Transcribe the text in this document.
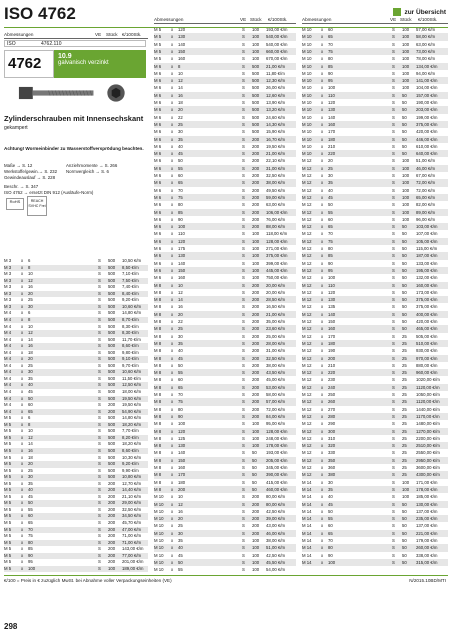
ISO 4762	zur Übersicht
Abmessungen	VE Stück €/100Stk.
ISO	4762.110
4762	10.9
galvanisch verzinkt
Zylinderschrauben mit Innensechskant
gekampert
Achtung! Wormeinbinder zu Wasserstoffversprödung beachten.
Maße → S. 12	Anziehmomente → S. 266
Werkstoffe/gewin.→ S. 232 Normvergleich → S. 6
Gewindeauslauf → S. 228
Beschr. → S. 347
ISO 4762 → ersetzt DIN 912 (Ausläufe-Norm)
RoHS	REACH SVHC Frei
M 3 x 6	S 500 10,50 €/m
M 3 x 8	S 500 8,50 €/m
M 3 x 10	S 500 7,10 €/m
M 3 x 12	S 500 7,50 €/m
M 3 x 16	S 500 7,40 €/m
M 3 x 20	S 500 8,40 €/m
M 3 x 25	S 500 9,20 €/m
M 3 x 30	S 500 10,60 €/m
M 4 x 6	S 500 14,80 €/m
M 4 x 8	S 500 8,70 €/m
M 4 x 10	S 500 8,30 €/m
M 4 x 12	S 500 8,30 €/m
M 4 x 14	S 500 11,70 €/m
M 4 x 16	S 500 8,60 €/m
M 4 x 18	S 500 9,80 €/m
M 4 x 20	S 500 9,10 €/m
M 4 x 25	S 500 9,70 €/m
M 4 x 30	S 500 10,60 €/m
M 4 x 35	S 500 11,50 €/m
M 4 x 40	S 500 12,50 €/m
M 4 x 45	S 500 18,00 €/m
M 4 x 50	S 500 19,50 €/m
M 4 x 60	S 200 19,50 €/m
M 4 x 65	S 200 54,90 €/m
M 5 x 6	S 500 14,80 €/m
M 5 x 8	S 500 18,20 €/m
M 5 x 10	S 500 7,70 €/m
M 5 x 12	S 500 8,20 €/m
M 5 x 14	S 500 18,20 €/m
M 5 x 16	S 500 8,60 €/m
M 5 x 18	S 500 10,30 €/m
M 5 x 20	S 500 9,20 €/m
M 5 x 25	S 500 9,90 €/m
M 5 x 30	S 500 10,80 €/m
M 5 x 35	S 200 12,70 €/m
M 5 x 40	S 200 14,40 €/m
M 5 x 45	S 200 21,10 €/m
M 5 x 50	S 200 29,00 €/m
M 5 x 55	S 200 32,50 €/m
M 5 x 60	S 200 34,50 €/m
M 5 x 65	S 200 45,70 €/m
M 5 x 70	S 200 47,00 €/m
M 5 x 75	S 200 71,00 €/m
M 5 x 80	S 200 71,00 €/m
M 5 x 85	S 200 143,00 €/m
M 5 x 90	S 200 77,00 €/m
M 5 x 95	S 200 201,00 €/m
M 5 x 100	S 100 189,00 €/m
Abmessungen	VE Stück €/100Stk.
M 5 x 120	S 100 193,00 €/m
M 5 x 130	S 100 540,00 €/m
M 5 x 140	S 100 540,00 €/m
M 5 x 150	S 100 660,00 €/m
M 5 x 160	S 100 670,00 €/m
M 6 x 8	S 500 21,00 €/m
M 6 x 10	S 500 11,80 €/m
M 6 x 12	S 500 12,30 €/m
M 6 x 14	S 500 26,00 €/m
M 6 x 16	S 500 12,60 €/m
M 6 x 18	S 500 13,90 €/m
M 6 x 20	S 500 13,20 €/m
M 6 x 22	S 500 24,60 €/m
M 6 x 25	S 500 14,30 €/m
M 6 x 30	S 500 15,90 €/m
M 6 x 35	S 200 16,70 €/m
M 6 x 40	S 200 19,50 €/m
M 6 x 45	S 200 21,00 €/m
M 6 x 50	S 200 22,10 €/m
M 6 x 55	S 200 31,00 €/m
M 6 x 60	S 200 32,50 €/m
M 6 x 65	S 200 38,00 €/m
M 6 x 70	S 200 49,50 €/m
M 6 x 75	S 200 59,00 €/m
M 6 x 80	S 200 63,00 €/m
M 6 x 85	S 200 106,00 €/m
M 6 x 90	S 200 76,00 €/m
M 6 x 100	S 200 88,00 €/m
M 6 x 110	S 100 118,00 €/m
M 6 x 120	S 100 128,00 €/m
M 6 x 175	S 100 271,00 €/m
M 6 x 130	S 100 375,00 €/m
M 6 x 140	S 100 399,00 €/m
M 6 x 150	S 100 445,00 €/m
M 6 x 160	S 100 750,00 €/m
M 8 x 10	S 200 20,00 €/m
M 8 x 12	S 200 20,00 €/m
M 8 x 14	S 200 28,50 €/m
M 8 x 16	S 200 16,50 €/m
M 8 x 20	S 200 21,00 €/m
M 8 x 22	S 200 35,00 €/m
M 8 x 25	S 200 23,60 €/m
M 8 x 30	S 200 25,00 €/m
M 8 x 35	S 200 28,00 €/m
M 8 x 40	S 200 31,00 €/m
M 8 x 45	S 200 32,50 €/m
M 8 x 50	S 200 38,00 €/m
M 8 x 55	S 200 43,50 €/m
M 8 x 60	S 200 45,00 €/m
M 8 x 65	S 200 53,00 €/m
M 8 x 70	S 200 58,00 €/m
M 8 x 75	S 200 57,00 €/m
M 8 x 80	S 200 72,00 €/m
M 8 x 90	S 200 84,00 €/m
M 8 x 100	S 100 95,00 €/m
M 8 x 120	S 100 128,00 €/m
M 8 x 125	S 100 248,00 €/m
M 8 x 130	S 100 178,00 €/m
M 8 x 140	S 50 193,00 €/m
M 8 x 150	S 50 205,00 €/m
M 8 x 160	S 50 345,00 €/m
M 8 x 170	S 50 390,00 €/m
M 8 x 180	S 50 415,00 €/m
M 8 x 200	S 50 460,00 €/m
M 10 x 10	S 200 80,00 €/m
M 10 x 12	S 200 80,00 €/m
M 10 x 16	S 200 42,50 €/m
M 10 x 20	S 200 39,00 €/m
M 10 x 25	S 200 43,00 €/m
M 10 x 30	S 200 46,00 €/m
M 10 x 35	S 100 38,00 €/m
M 10 x 40	S 100 51,00 €/m
M 10 x 45	S 100 42,50 €/m
M 10 x 50	S 100 45,50 €/m
M 10 x 55	S 100 54,00 €/m
Abmessungen	VE Stück €/100Stk.
M 10 x 60	S 100 57,00 €/m
M 10 x 65	S 100 58,00 €/m
M 10 x 70	S 100 63,00 €/m
M 10 x 75	S 100 73,00 €/m
M 10 x 80	S 100 78,00 €/m
M 10 x 85	S 100 134,00 €/m
M 10 x 90	S 100 94,00 €/m
M 10 x 95	S 100 141,00 €/m
M 10 x 100	S 100 104,00 €/m
M 10 x 110	S 50 157,00 €/m
M 10 x 120	S 50 190,00 €/m
M 10 x 130	S 50 203,00 €/m
M 10 x 140	S 50 199,00 €/m
M 10 x 160	S 50 375,00 €/m
M 10 x 170	S 50 420,00 €/m
M 10 x 180	S 50 446,00 €/m
M 10 x 210	S 50 610,00 €/m
M 10 x 220	S 50 640,00 €/m
M 12 x 20	S 100 51,00 €/m
M 12 x 25	S 100 46,00 €/m
M 12 x 30	S 100 67,00 €/m
M 12 x 35	S 100 72,00 €/m
M 12 x 40	S 100 72,00 €/m
M 12 x 45	S 100 65,00 €/m
M 12 x 50	S 100 82,00 €/m
M 12 x 55	S 100 89,00 €/m
M 12 x 60	S 100 96,00 €/m
M 12 x 65	S 50 103,00 €/m
M 12 x 70	S 50 107,00 €/m
M 12 x 75	S 50 105,00 €/m
M 12 x 80	S 50 115,00 €/m
M 12 x 85	S 50 187,00 €/m
M 12 x 90	S 50 133,00 €/m
M 12 x 95	S 50 195,00 €/m
M 12 x 100	S 50 132,00 €/m
M 12 x 110	S 50 160,00 €/m
M 12 x 120	S 50 173,00 €/m
M 12 x 130	S 50 375,00 €/m
M 12 x 135	S 50 375,00 €/m
M 12 x 140	S 50 400,00 €/m
M 12 x 150	S 50 420,00 €/m
M 12 x 160	S 50 465,00 €/m
M 12 x 170	S 25 505,00 €/m
M 12 x 180	S 25 510,00 €/m
M 12 x 190	S 25 930,00 €/m
M 12 x 200	S 25 970,00 €/m
M 12 x 210	S 25 880,00 €/m
M 12 x 220	S 25 960,00 €/m
M 12 x 230	S 25 1020,00 €/m
M 12 x 240	S 25 1120,00 €/m
M 12 x 250	S 25 1050,00 €/m
M 12 x 260	S 25 1120,00 €/m
M 12 x 270	S 25 1440,00 €/m
M 12 x 280	S 25 1170,00 €/m
M 12 x 290	S 25 1480,00 €/m
M 12 x 300	S 25 1270,00 €/m
M 12 x 310	S 25 2200,00 €/m
M 12 x 320	S 25 2510,00 €/m
M 12 x 330	S 25 2550,00 €/m
M 12 x 350	S 25 2950,00 €/m
M 12 x 360	S 25 3600,00 €/m
M 12 x 380	S 25 4300,00 €/m
M 14 x 30	S 100 171,00 €/m
M 14 x 35	S 100 178,00 €/m
M 14 x 40	S 100 185,00 €/m
M 14 x 45	S 50 130,00 €/m
M 14 x 50	S 50 137,00 €/m
M 14 x 55	S 50 235,00 €/m
M 14 x 60	S 50 137,00 €/m
M 14 x 65	S 50 221,00 €/m
M 14 x 70	S 50 179,00 €/m
M 14 x 80	S 50 260,00 €/m
M 14 x 90	S 50 338,00 €/m
M 14 x 100	S 50 315,00 €/m
€/100 = Preis in € zuzüglich MwSt. bei Abnahme voller Verpackungseinheiten (VE)	N/2015.10BD/MTI
298
